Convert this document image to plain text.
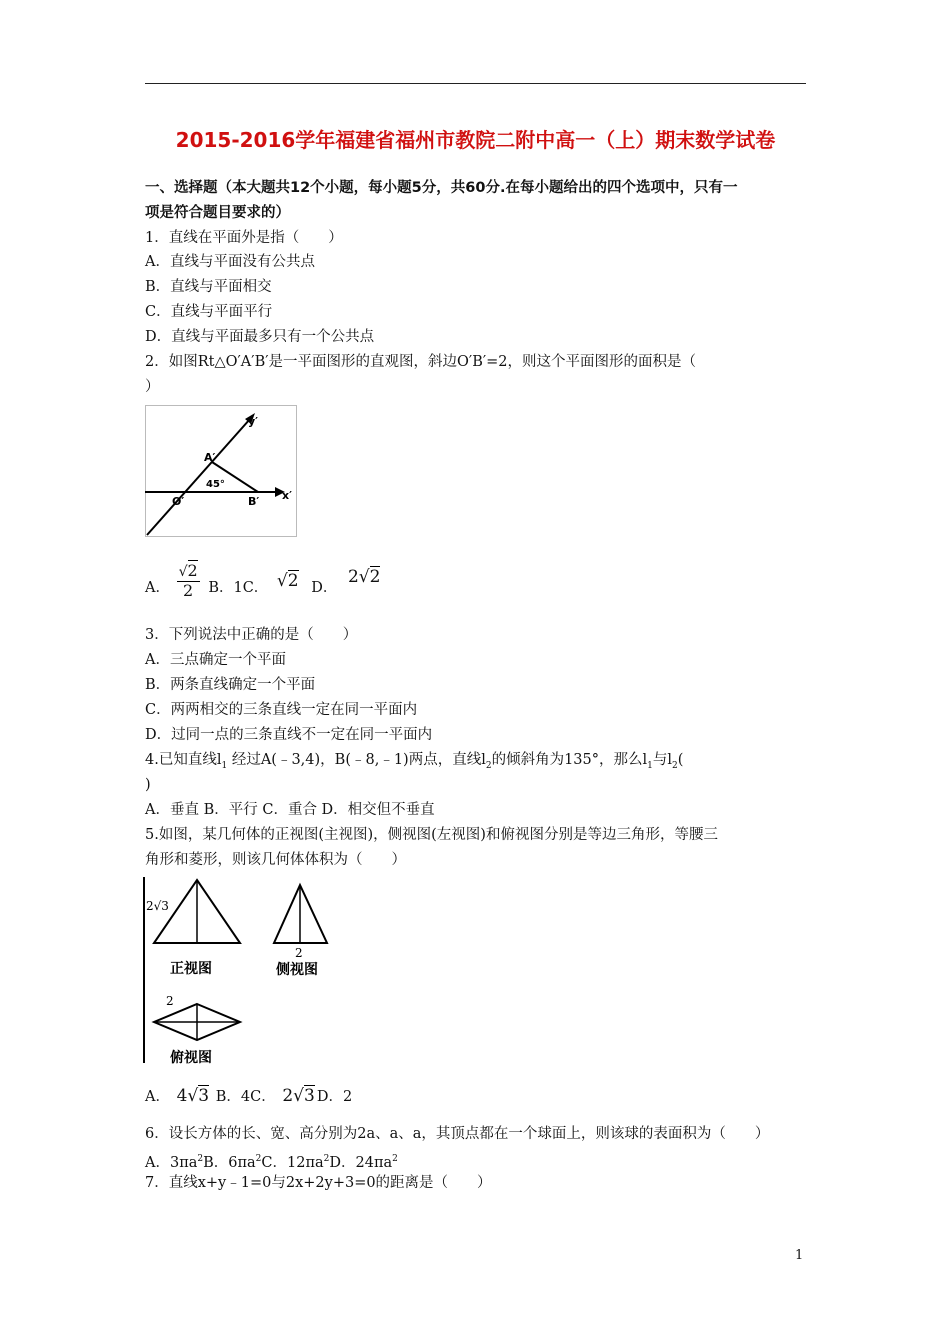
2015-2016学年福建省福州市教院二附中高一（上）期末数学试卷
一、选择题（本大题共12个小题，每小题5分，共60分.在每小题给出的四个选项中，只有一
项是符合题目要求的）
1．直线在平面外是指（　　）
A．直线与平面没有公共点
B．直线与平面相交
C．直线与平面平行
D．直线与平面最多只有一个公共点
2．如图Rt△O′A′B′是一平面图形的直观图，斜边O′B′=2，则这个平面图形的面积是（
）
y′
A′
45°
O′	B′ x′
A． $\frac{√2}{2}$ B．1C． √2 D． 2√2
3．下列说法中正确的是（　　）
A．三点确定一个平面
B．两条直线确定一个平面
C．两两相交的三条直线一定在同一平面内
D．过同一点的三条直线不一定在同一平面内
4.已知直线$l_1$ 经过A(﹣3,4)，B(﹣8,﹣1)两点，直线$l_2$的倾斜角为135°，那么$l_1$与$l_2$(
)
A．垂直 B．平行 C．重合 D．相交但不垂直
5.如图，某几何体的正视图(主视图)，侧视图(左视图)和俯视图分别是等边三角形，等腰三
角形和菱形，则该几何体体积为（　　）
2√3
正视图
2
侧视图
2
俯视图
A． 4√3 B．4C． 2√3 D．2
6．设长方体的长、宽、高分别为2a、a、a，其顶点都在一个球面上，则该球的表面积为（　　）
A．$3\pi a^2B$．$6\pi a^2C$．$12\pi a^2D$．$24\pi a^2$
7．直线x+y﹣1=0与2x+2y+3=0的距离是（　　）
1
